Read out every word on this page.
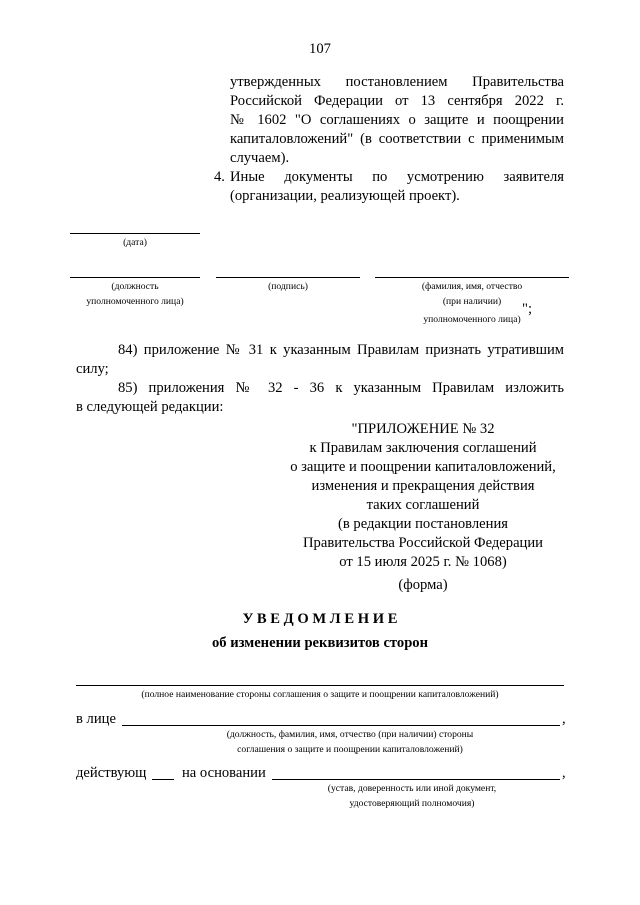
107
утвержденных постановлением Правительства
Российской Федерации от 13 сентября 2022 г.
№ 1602 "О соглашениях о защите и поощрении
капиталовложений" (в соответствии с применимым
случаем).
4. Иные документы по усмотрению заявителя
(организации, реализующей проект).
(дата)
(должность
уполномоченного лица)
(подпись)	(фамилия, имя, отчество
(при наличии)
уполномоченного лица)
";
84) приложение № 31 к указанным Правилам признать утратившим
силу;
85) приложения № 32 - 36 к указанным Правилам изложить
в следующей редакции:
"ПРИЛОЖЕНИЕ № 32
к Правилам заключения соглашений
о защите и поощрении капиталовложений,
изменения и прекращения действия
таких соглашений
(в редакции постановления
Правительства Российской Федерации
от 15 июля 2025 г. № 1068)
(форма)
У В Е Д О М Л Е Н И Е
об изменении реквизитов сторон
(полное наименование стороны соглашения о защите и поощрении капиталовложений)
в лице	,
(должность, фамилия, имя, отчество (при наличии) стороны
соглашения о защите и поощрении капиталовложений)
действующ на основании	,
(устав, доверенность или иной документ,
удостоверяющий полномочия)
